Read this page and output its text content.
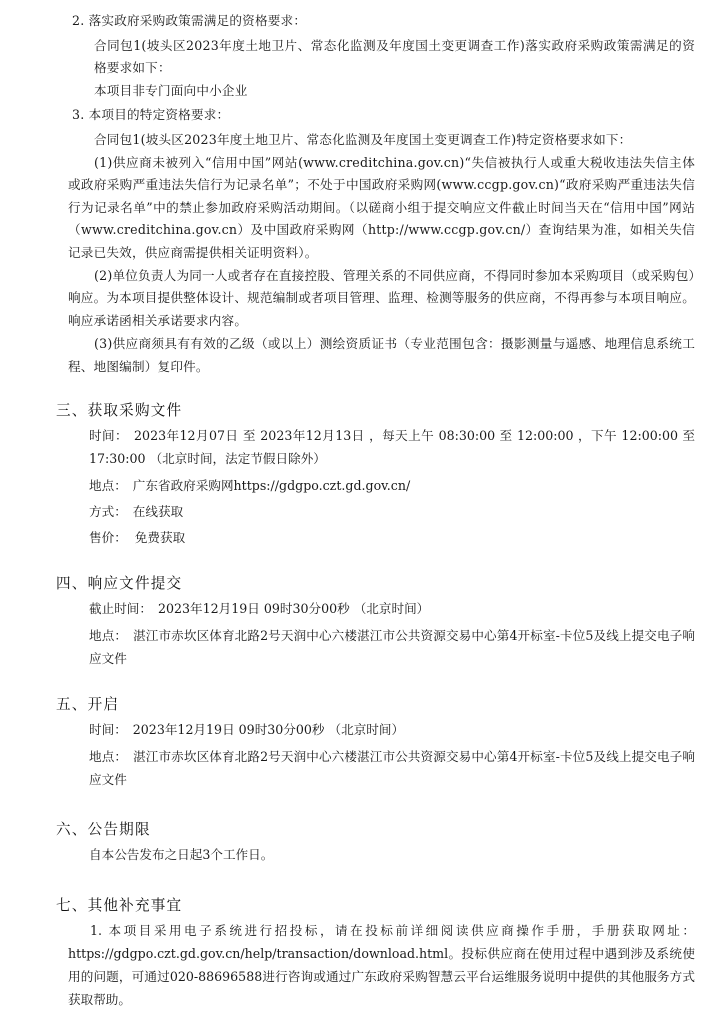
2. 落实政府采购政策需满足的资格要求：

合同包1(坡头区2023年度土地卫片、常态化监测及年度国土变更调查工作)落实政府采购政策需满足的资格要求如下：

本项目非专门面向中小企业

3. 本项目的特定资格要求：

合同包1(坡头区2023年度土地卫片、常态化监测及年度国土变更调查工作)特定资格要求如下：

(1)供应商未被列入“信用中国”网站(www.creditchina.gov.cn)“失信被执行人或重大税收违法失信主体或政府采购严重违法失信行为记录名单”；不处于中国政府采购网(www.ccgp.gov.cn)“政府采购严重违法失信行为记录名单”中的禁止参加政府采购活动期间。（以磋商小组于提交响应文件截止时间当天在“信用中国”网站（www.creditchina.gov.cn）及中国政府采购网（http://www.ccgp.gov.cn/）查询结果为准，如相关失信记录已失效，供应商需提供相关证明资料）。

(2)单位负责人为同一人或者存在直接控股、管理关系的不同供应商，不得同时参加本采购项目（或采购包）响应。为本项目提供整体设计、规范编制或者项目管理、监理、检测等服务的供应商，不得再参与本项目响应。响应承诺函相关承诺要求内容。

(3)供应商须具有有效的乙级（或以上）测绘资质证书（专业范围包含：摄影测量与遥感、地理信息系统工程、地图编制）复印件。

三、获取采购文件

时间： 2023年12月07日 至 2023年12月13日 ，每天上午 08:30:00 至 12:00:00 ，下午 12:00:00 至 17:30:00 （北京时间，法定节假日除外）

地点： 广东省政府采购网https://gdgpo.czt.gd.gov.cn/

方式： 在线获取

售价： 免费获取

四、响应文件提交

截止时间： 2023年12月19日 09时30分00秒 （北京时间）

地点： 湛江市赤坎区体育北路2号天润中心六楼湛江市公共资源交易中心第4开标室-卡位5及线上提交电子响应文件

五、开启

时间： 2023年12月19日 09时30分00秒 （北京时间）

地点： 湛江市赤坎区体育北路2号天润中心六楼湛江市公共资源交易中心第4开标室-卡位5及线上提交电子响应文件

六、公告期限

自本公告发布之日起3个工作日。

七、其他补充事宜

1. 本项目采用电子系统进行招投标，请在投标前详细阅读供应商操作手册，手册获取网址：https://gdgpo.czt.gd.gov.cn/help/transaction/download.html。投标供应商在使用过程中遇到涉及系统使用的问题，可通过020-88696588进行咨询或通过广东政府采购智慧云平台运维服务说明中提供的其他服务方式获取帮助。
